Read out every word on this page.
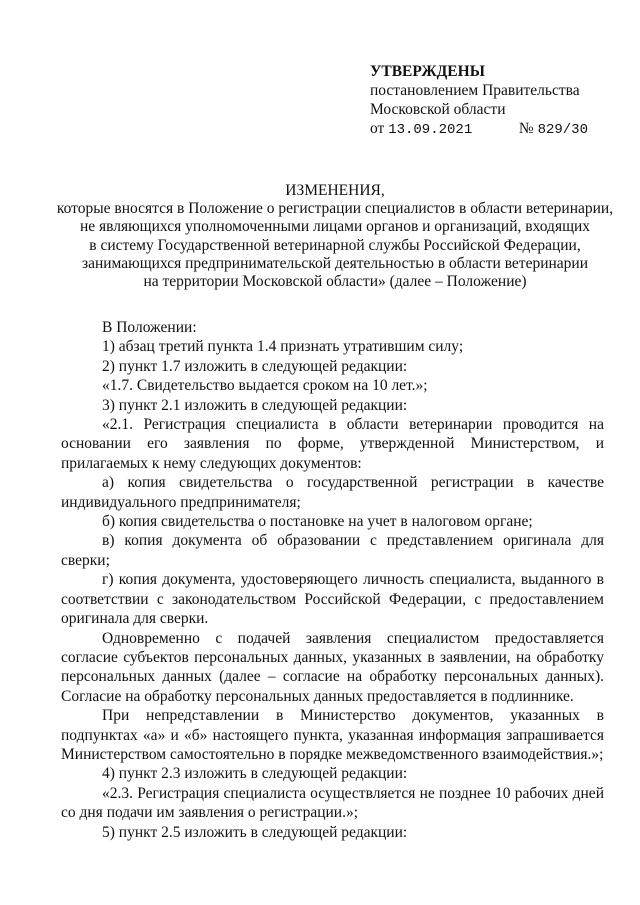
УТВЕРЖДЕНЫ
постановлением Правительства
Московской области
от 13.09.2021	№ 829/30
ИЗМЕНЕНИЯ,
которые вносятся в Положение о регистрации специалистов в области ветеринарии,
не являющихся уполномоченными лицами органов и организаций, входящих
в систему Государственной ветеринарной службы Российской Федерации,
занимающихся предпринимательской деятельностью в области ветеринарии
на территории Московской области» (далее – Положение)

В Положении:

1) абзац третий пункта 1.4 признать утратившим силу;

2) пункт 1.7 изложить в следующей редакции:

«1.7. Свидетельство выдается сроком на 10 лет.»;

3) пункт 2.1 изложить в следующей редакции:

«2.1. Регистрация специалиста в области ветеринарии проводится на основании его заявления по форме, утвержденной Министерством, и прилагаемых к нему следующих документов:

а) копия свидетельства о государственной регистрации в качестве индивидуального предпринимателя;

б) копия свидетельства о постановке на учет в налоговом органе;

в) копия документа об образовании с представлением оригинала для сверки;

г) копия документа, удостоверяющего личность специалиста, выданного в соответствии с законодательством Российской Федерации, с предоставлением оригинала для сверки.

Одновременно с подачей заявления специалистом предоставляется согласие субъектов персональных данных, указанных в заявлении, на обработку персональных данных (далее – согласие на обработку персональных данных). Согласие на обработку персональных данных предоставляется в подлиннике.

При непредставлении в Министерство документов, указанных в подпунктах «а» и «б» настоящего пункта, указанная информация запрашивается Министерством самостоятельно в порядке межведомственного взаимодействия.»;

4) пункт 2.3 изложить в следующей редакции:

«2.3. Регистрация специалиста осуществляется не позднее 10 рабочих дней со дня подачи им заявления о регистрации.»;

5) пункт 2.5 изложить в следующей редакции:
